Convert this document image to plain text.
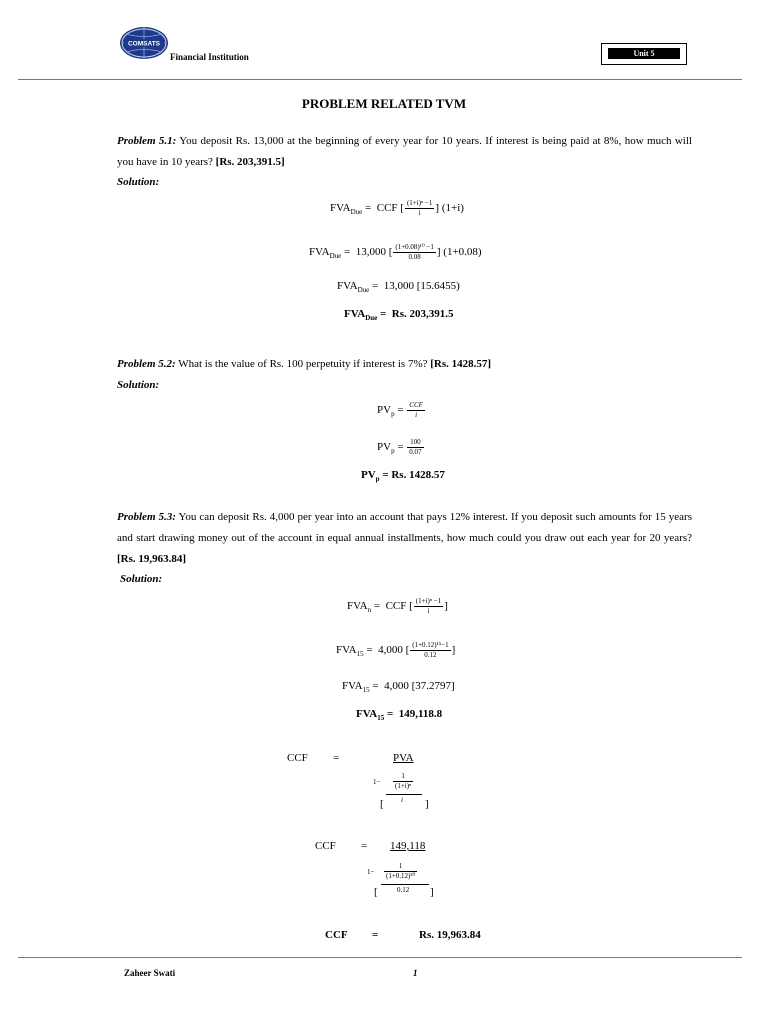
COMSATS
Financial Institution	Unit 5
PROBLEM RELATED TVM
Problem 5.1: You deposit Rs. 13,000 at the beginning of every year for 10 years. If interest is being paid at 8%, how much will you have in 10 years? [Rs. 203,391.5]
Solution:
$FVA_{Due}$ = CCF [ $\frac{\text{(1+i)ⁿ −1}}{i}$ ] (1+i)
$FVA_{Due} = 13,000$ [ $\frac{\text{(1+0.08)¹⁰ −1}}{0.08}$ ] (1+0.08)
$FVA_{Due} = 13,000$ [15.6455)
$FVA_{Due} = Rs$. 203,391.5
Problem 5.2: What is the value of Rs. 100 perpetuity if interest is 7%? [Rs. 1428.57]
Solution:
$PV_p = \frac{\text{CCF}}{i}$
$PV_p = \frac{100}{0.07}$
$PV_p = Rs$. 1428.57
Problem 5.3: You can deposit Rs. 4,000 per year into an account that pays 12% interest. If you deposit such amounts for 15 years and start drawing money out of the account in equal annual installments, how much could you draw out each year for 20 years? [Rs. 19,963.84]
Solution:
$FVA_n$ = CCF [ $\frac{\text{(1+i)ⁿ −1}}{i}$ ]
$FVA_{15} = 4,000$ [ $\frac{\text{(1+0.12)¹⁵−1}}{0.12}$ ]
$FVA_{15} = 4,000$ [37.2797]
$FVA_{15} = 149,118.8$
CCF =	PVA
$1- \frac{1}{\text{(1+i)ⁿ}}$
[ i ]
CCF = 149,118
$1- \frac{1}{\text{(1+0.12)²⁰}}$
[	0.12 ]
CCF =	Rs. 19,963.84
Zaheer Swati	1
